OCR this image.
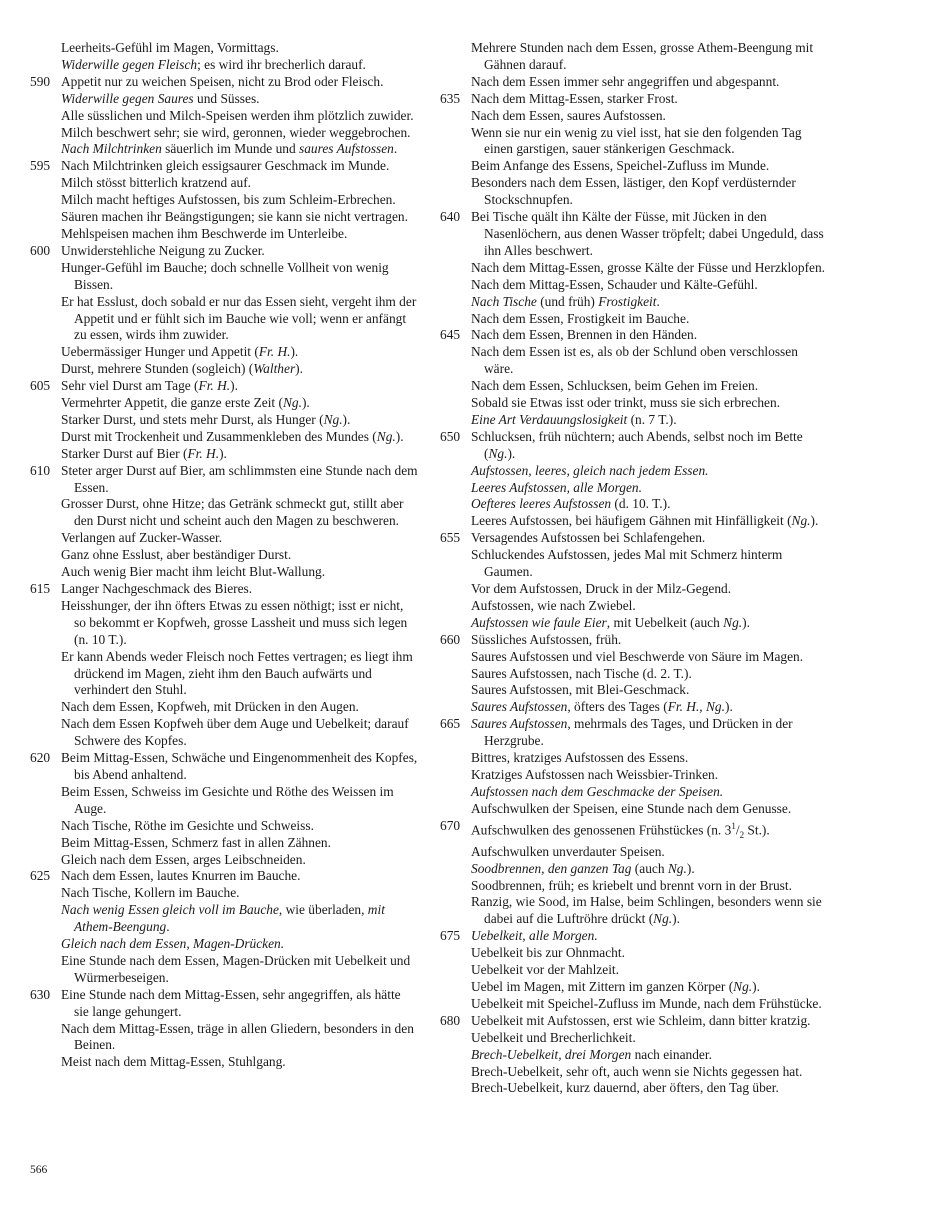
Leerheits-Gefühl im Magen, Vormittags.

Widerwille gegen Fleisch; es wird ihr brecherlich darauf.

590 Appetit nur zu weichen Speisen, nicht zu Brod oder Fleisch.

Widerwille gegen Saures und Süsses.

Alle süsslichen und Milch-Speisen werden ihm plötzlich zuwider.

Milch beschwert sehr; sie wird, geronnen, wieder weggebrochen.

Nach Milchtrinken säuerlich im Munde und saures Aufstossen.

595 Nach Milchtrinken gleich essigsaurer Geschmack im Munde.

Milch stösst bitterlich kratzend auf.

Milch macht heftiges Aufstossen, bis zum Schleim-Erbrechen.

Säuren machen ihr Beängstigungen; sie kann sie nicht vertragen.

Mehlspeisen machen ihm Beschwerde im Unterleibe.

600 Unwiderstehliche Neigung zu Zucker.

Hunger-Gefühl im Bauche; doch schnelle Vollheit von wenig Bissen.

Er hat Esslust, doch sobald er nur das Essen sieht, vergeht ihm der Appetit und er fühlt sich im Bauche wie voll; wenn er anfängt zu essen, wirds ihm zuwider.

Uebermässiger Hunger und Appetit (Fr. H.).

Durst, mehrere Stunden (sogleich) (Walther).

605 Sehr viel Durst am Tage (Fr. H.).

Vermehrter Appetit, die ganze erste Zeit (Ng.).

Starker Durst, und stets mehr Durst, als Hunger (Ng.).

Durst mit Trockenheit und Zusammenkleben des Mundes (Ng.).

Starker Durst auf Bier (Fr. H.).

610 Steter arger Durst auf Bier, am schlimmsten eine Stunde nach dem Essen.

Grosser Durst, ohne Hitze; das Getränk schmeckt gut, stillt aber den Durst nicht und scheint auch den Magen zu beschweren.

Verlangen auf Zucker-Wasser.

Ganz ohne Esslust, aber beständiger Durst.

Auch wenig Bier macht ihm leicht Blut-Wallung.

615 Langer Nachgeschmack des Bieres.

Heisshunger, der ihn öfters Etwas zu essen nöthigt; isst er nicht, so bekommt er Kopfweh, grosse Lassheit und muss sich legen (n. 10 T.).

Er kann Abends weder Fleisch noch Fettes vertragen; es liegt ihm drückend im Magen, zieht ihm den Bauch aufwärts und verhindert den Stuhl.

Nach dem Essen, Kopfweh, mit Drücken in den Augen.

Nach dem Essen Kopfweh über dem Auge und Uebelkeit; darauf Schwere des Kopfes.

620 Beim Mittag-Essen, Schwäche und Eingenommenheit des Kopfes, bis Abend anhaltend.

Beim Essen, Schweiss im Gesichte und Röthe des Weissen im Auge.

Nach Tische, Röthe im Gesichte und Schweiss.

Beim Mittag-Essen, Schmerz fast in allen Zähnen.

Gleich nach dem Essen, arges Leibschneiden.

625 Nach dem Essen, lautes Knurren im Bauche.

Nach Tische, Kollern im Bauche.

Nach wenig Essen gleich voll im Bauche, wie überladen, mit Athem-Beengung.

Gleich nach dem Essen, Magen-Drücken.

Eine Stunde nach dem Essen, Magen-Drücken mit Uebelkeit und Würmerbeseigen.

630 Eine Stunde nach dem Mittag-Essen, sehr angegriffen, als hätte sie lange gehungert.

Nach dem Mittag-Essen, träge in allen Gliedern, besonders in den Beinen.

Meist nach dem Mittag-Essen, Stuhlgang.

Mehrere Stunden nach dem Essen, grosse Athem-Beengung mit Gähnen darauf.

Nach dem Essen immer sehr angegriffen und abgespannt.

635 Nach dem Mittag-Essen, starker Frost.

Nach dem Essen, saures Aufstossen.

Wenn sie nur ein wenig zu viel isst, hat sie den folgenden Tag einen garstigen, sauer stänkerigen Geschmack.

Beim Anfange des Essens, Speichel-Zufluss im Munde.

Besonders nach dem Essen, lästiger, den Kopf verdüsternder Stockschnupfen.

640 Bei Tische quält ihn Kälte der Füsse, mit Jücken in den Nasenlöchern, aus denen Wasser tröpfelt; dabei Ungeduld, dass ihn Alles beschwert.

Nach dem Mittag-Essen, grosse Kälte der Füsse und Herzklopfen.

Nach dem Mittag-Essen, Schauder und Kälte-Gefühl.

Nach Tische (und früh) Frostigkeit.

Nach dem Essen, Frostigkeit im Bauche.

645 Nach dem Essen, Brennen in den Händen.

Nach dem Essen ist es, als ob der Schlund oben verschlossen wäre.

Nach dem Essen, Schlucksen, beim Gehen im Freien.

Sobald sie Etwas isst oder trinkt, muss sie sich erbrechen.

Eine Art Verdauungslosigkeit (n. 7 T.).

650 Schlucksen, früh nüchtern; auch Abends, selbst noch im Bette (Ng.).

Aufstossen, leeres, gleich nach jedem Essen.

Leeres Aufstossen, alle Morgen.

Oefteres leeres Aufstossen (d. 10. T.).

Leeres Aufstossen, bei häufigem Gähnen mit Hinfälligkeit (Ng.).

655 Versagendes Aufstossen bei Schlafengehen.

Schluckendes Aufstossen, jedes Mal mit Schmerz hinterm Gaumen.

Vor dem Aufstossen, Druck in der Milz-Gegend.

Aufstossen, wie nach Zwiebel.

Aufstossen wie faule Eier, mit Uebelkeit (auch Ng.).

660 Süssliches Aufstossen, früh.

Saures Aufstossen und viel Beschwerde von Säure im Magen.

Saures Aufstossen, nach Tische (d. 2. T.).

Saures Aufstossen, mit Blei-Geschmack.

Saures Aufstossen, öfters des Tages (Fr. H., Ng.).

665 Saures Aufstossen, mehrmals des Tages, und Drücken in der Herzgrube.

Bittres, kratziges Aufstossen des Essens.

Kratziges Aufstossen nach Weissbier-Trinken.

Aufstossen nach dem Geschmacke der Speisen.

Aufschwulken der Speisen, eine Stunde nach dem Genusse.

670 Aufschwulken des genossenen Frühstückes (n. $3^1/_2$ St.).

Aufschwulken unverdauter Speisen.

Soodbrennen, den ganzen Tag (auch Ng.).

Soodbrennen, früh; es kriebelt und brennt vorn in der Brust.

Ranzig, wie Sood, im Halse, beim Schlingen, besonders wenn sie dabei auf die Luftröhre drückt (Ng.).

675 Uebelkeit, alle Morgen.

Uebelkeit bis zur Ohnmacht.

Uebelkeit vor der Mahlzeit.

Uebel im Magen, mit Zittern im ganzen Körper (Ng.).

Uebelkeit mit Speichel-Zufluss im Munde, nach dem Frühstücke.

680 Uebelkeit mit Aufstossen, erst wie Schleim, dann bitter kratzig.

Uebelkeit und Brecherlichkeit.

Brech-Uebelkeit, drei Morgen nach einander.

Brech-Uebelkeit, sehr oft, auch wenn sie Nichts gegessen hat.

Brech-Uebelkeit, kurz dauernd, aber öfters, den Tag über.

566
